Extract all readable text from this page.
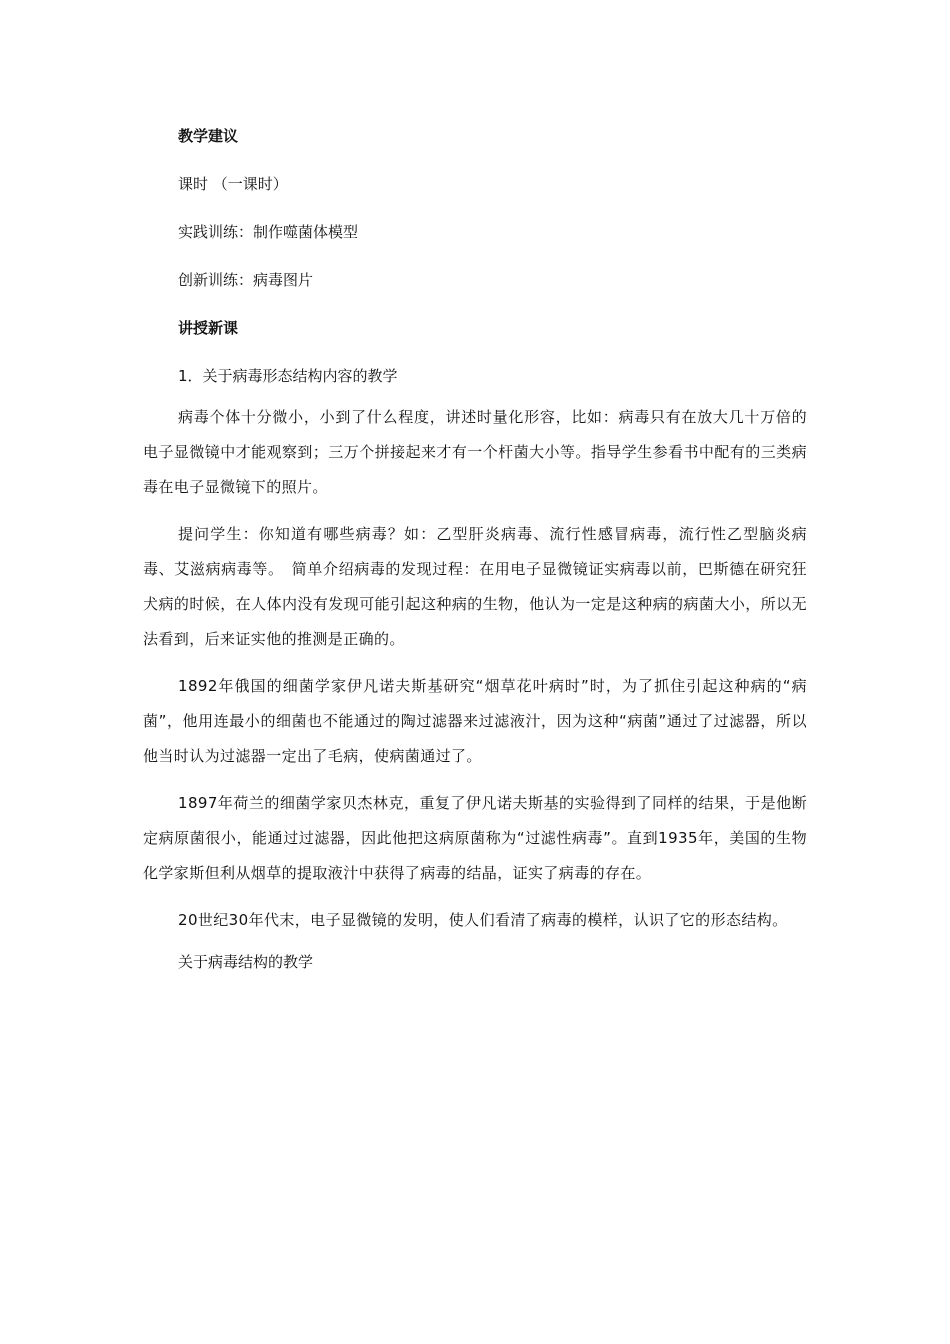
教学建议
课时 （一课时）
实践训练：制作噬菌体模型
创新训练：病毒图片
讲授新课
1．关于病毒形态结构内容的教学

病毒个体十分微小，小到了什么程度，讲述时量化形容，比如：病毒只有在放大几十万倍的电子显微镜中才能观察到；三万个拼接起来才有一个杆菌大小等。指导学生参看书中配有的三类病毒在电子显微镜下的照片。

提问学生：你知道有哪些病毒？如：乙型肝炎病毒、流行性感冒病毒，流行性乙型脑炎病毒、艾滋病病毒等。　简单介绍病毒的发现过程：在用电子显微镜证实病毒以前，巴斯德在研究狂犬病的时候，在人体内没有发现可能引起这种病的生物，他认为一定是这种病的病菌大小，所以无法看到，后来证实他的推测是正确的。

1892年俄国的细菌学家伊凡诺夫斯基研究“烟草花叶病时”时，为了抓住引起这种病的“病菌”，他用连最小的细菌也不能通过的陶过滤器来过滤液汁，因为这种“病菌”通过了过滤器，所以他当时认为过滤器一定出了毛病，使病菌通过了。

1897年荷兰的细菌学家贝杰林克，重复了伊凡诺夫斯基的实验得到了同样的结果，于是他断定病原菌很小，能通过过滤器，因此他把这病原菌称为“过滤性病毒”。直到1935年，美国的生物化学家斯但利从烟草的提取液汁中获得了病毒的结晶，证实了病毒的存在。

20世纪30年代末，电子显微镜的发明，使人们看清了病毒的模样，认识了它的形态结构。

关于病毒结构的教学
